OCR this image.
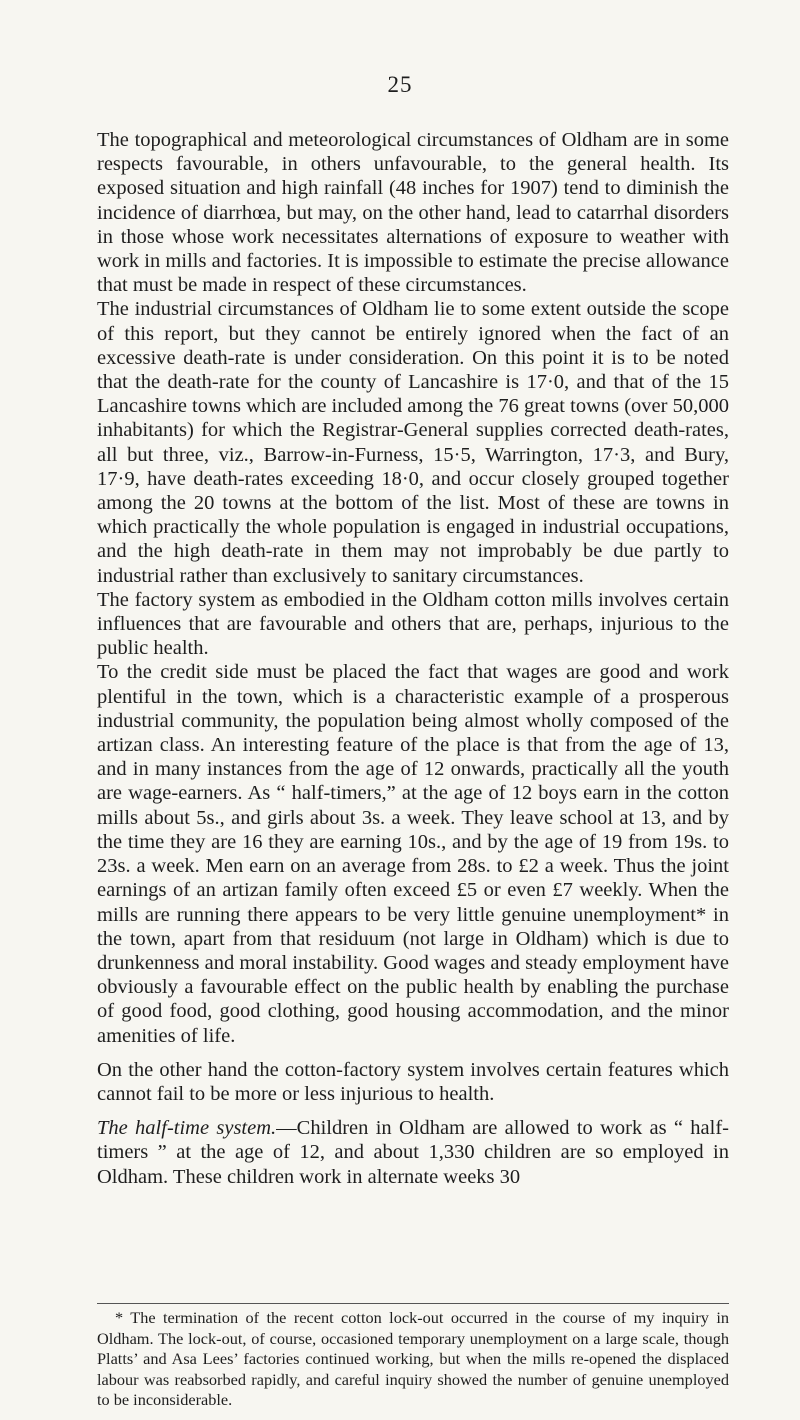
25

The topographical and meteorological circumstances of Oldham are in some respects favourable, in others unfavourable, to the general health. Its exposed situation and high rainfall (48 inches for 1907) tend to diminish the incidence of diarrhœa, but may, on the other hand, lead to catarrhal disorders in those whose work necessitates alternations of exposure to weather with work in mills and factories. It is impossible to estimate the precise allowance that must be made in respect of these circumstances.

The industrial circumstances of Oldham lie to some extent outside the scope of this report, but they cannot be entirely ignored when the fact of an excessive death-rate is under consideration. On this point it is to be noted that the death-rate for the county of Lancashire is 17·0, and that of the 15 Lancashire towns which are included among the 76 great towns (over 50,000 inhabitants) for which the Registrar-General supplies corrected death-rates, all but three, viz., Barrow-in-Furness, 15·5, Warrington, 17·3, and Bury, 17·9, have death-rates exceeding 18·0, and occur closely grouped together among the 20 towns at the bottom of the list. Most of these are towns in which practically the whole population is engaged in industrial occupations, and the high death-rate in them may not improbably be due partly to industrial rather than exclusively to sanitary circumstances.

The factory system as embodied in the Oldham cotton mills involves certain influences that are favourable and others that are, perhaps, injurious to the public health.

To the credit side must be placed the fact that wages are good and work plentiful in the town, which is a characteristic example of a prosperous industrial community, the population being almost wholly composed of the artizan class. An interesting feature of the place is that from the age of 13, and in many instances from the age of 12 onwards, practically all the youth are wage-earners. As “ half-timers,” at the age of 12 boys earn in the cotton mills about 5s., and girls about 3s. a week. They leave school at 13, and by the time they are 16 they are earning 10s., and by the age of 19 from 19s. to 23s. a week. Men earn on an average from 28s. to £2 a week. Thus the joint earnings of an artizan family often exceed £5 or even £7 weekly. When the mills are running there appears to be very little genuine unemployment* in the town, apart from that residuum (not large in Oldham) which is due to drunkenness and moral instability. Good wages and steady employment have obviously a favourable effect on the public health by enabling the purchase of good food, good clothing, good housing accommodation, and the minor amenities of life.

On the other hand the cotton-factory system involves certain features which cannot fail to be more or less injurious to health.

The half-time system.—Children in Oldham are allowed to work as “ half-timers ” at the age of 12, and about 1,330 children are so employed in Oldham. These children work in alternate weeks 30

* The termination of the recent cotton lock-out occurred in the course of my inquiry in Oldham. The lock-out, of course, occasioned temporary unemployment on a large scale, though Platts’ and Asa Lees’ factories continued working, but when the mills re-opened the displaced labour was reabsorbed rapidly, and careful inquiry showed the number of genuine unemployed to be inconsiderable.
